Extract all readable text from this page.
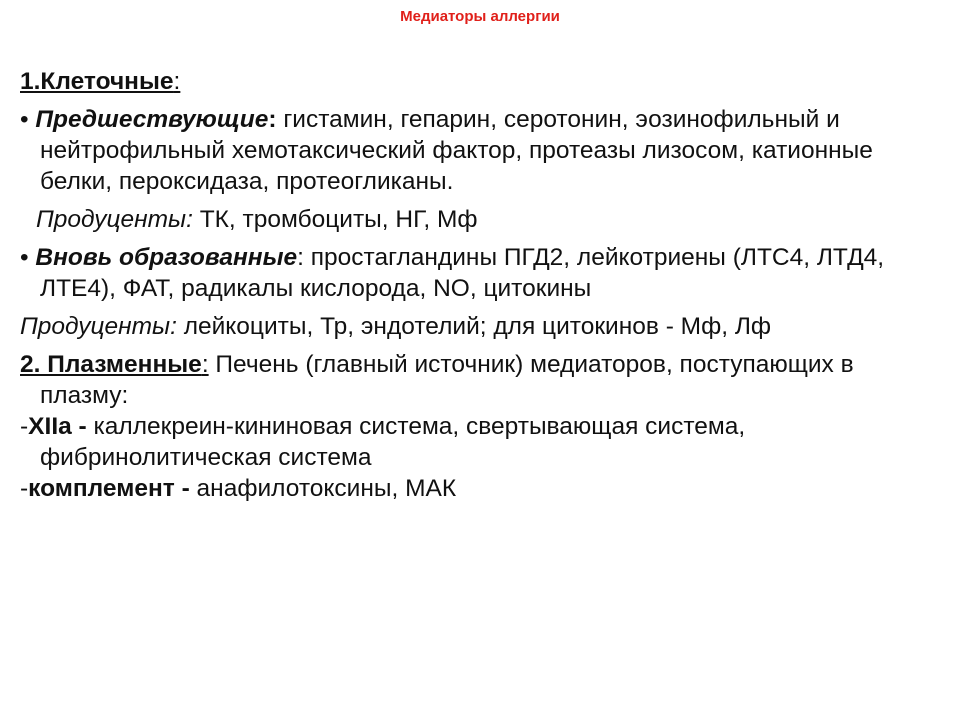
Медиаторы аллергии

1.Клеточные:

• Предшествующие: гистамин, гепарин, серотонин, эозинофильный и нейтрофильный хемотаксический фактор, протеазы лизосом, катионные белки, пероксидаза, протеогликаны.

Продуценты: ТК, тромбоциты, НГ, Мф

• Вновь образованные: простагландины ПГД2, лейкотриены (ЛТС4, ЛТД4, ЛТЕ4), ФАТ, радикалы кислорода, NO, цитокины

Продуценты: лейкоциты, Тр, эндотелий; для цитокинов - Мф, Лф

2. Плазменные: Печень (главный источник) медиаторов, поступающих в плазму:

-XIIa - каллекреин-кининовая система, свертывающая система, фибринолитическая система

-комплемент - анафилотоксины, МАК
